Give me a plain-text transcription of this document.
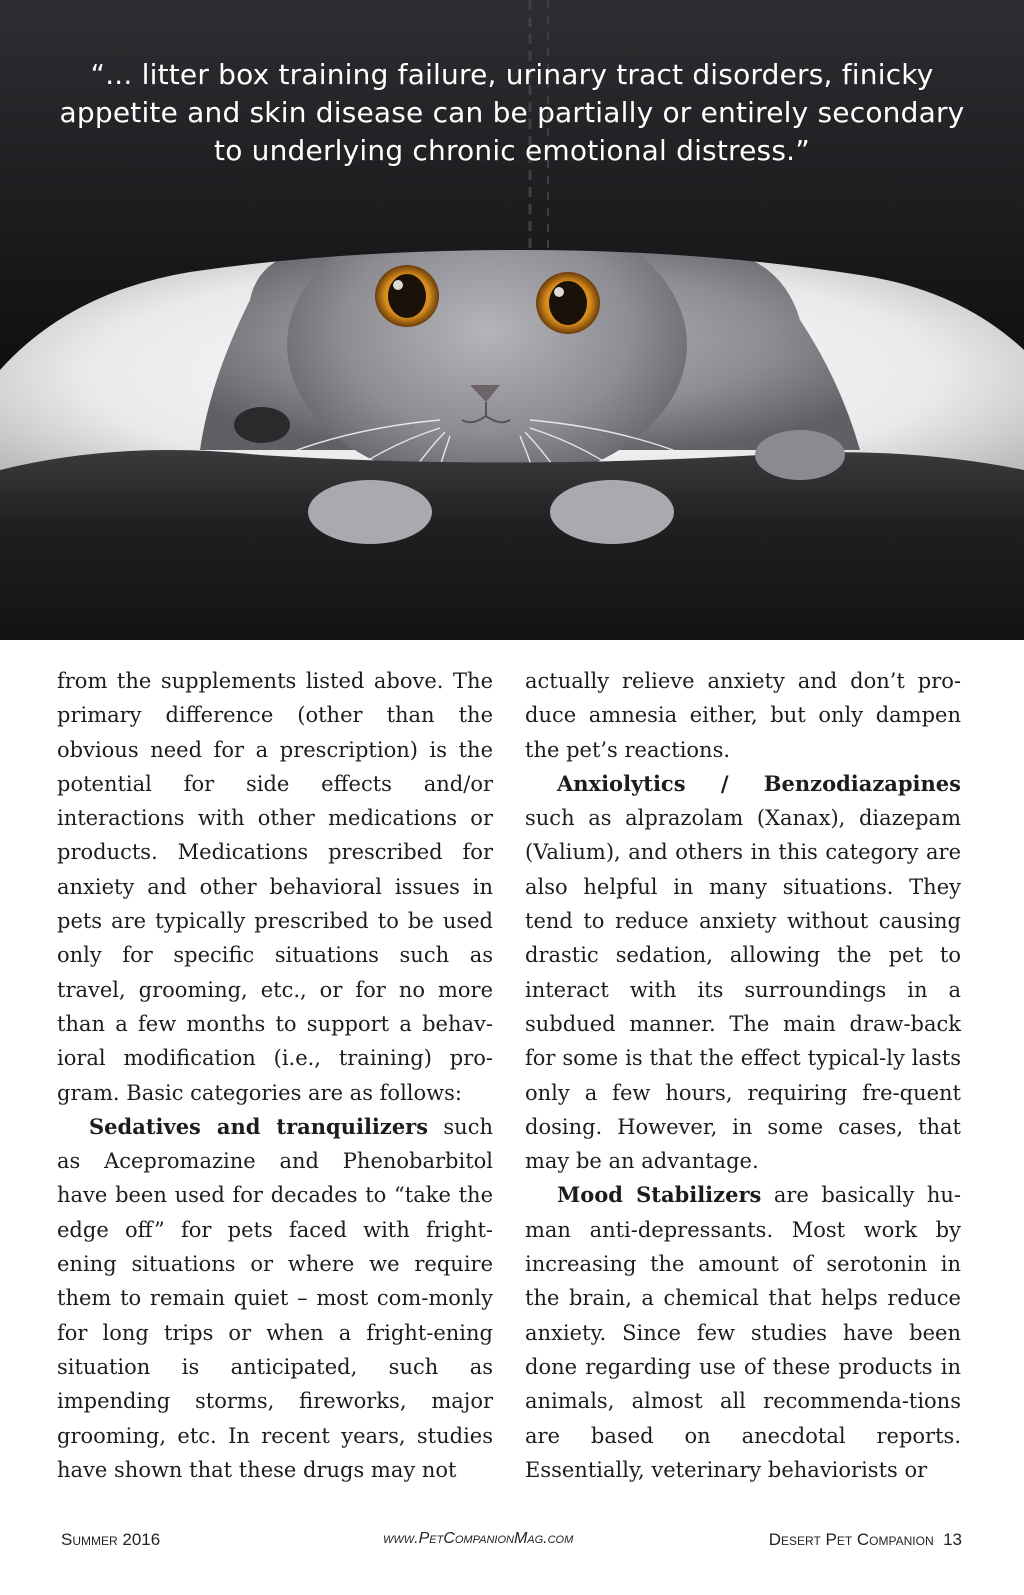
“... litter box training failure, urinary tract disorders, finicky appetite and skin disease can be partially or entirely secondary to underlying chronic emotional distress.”

from the supplements listed above. The primary difference (other than the obvious need for a prescription) is the potential for side effects and/or interactions with other medications or products. Medications prescribed for anxiety and other behavioral issues in pets are typically prescribed to be used only for specific situations such as travel, grooming, etc., or for no more than a few months to support a behav-ioral modification (i.e., training) pro-gram. Basic categories are as follows:

Sedatives and tranquilizers such as Acepromazine and Phenobarbitol have been used for decades to “take the edge off” for pets faced with fright-ening situations or where we require them to remain quiet – most com-monly for long trips or when a fright-ening situation is anticipated, such as impending storms, fireworks, major grooming, etc. In recent years, studies have shown that these drugs may not

actually relieve anxiety and don’t pro-duce amnesia either, but only dampen the pet’s reactions.

Anxiolytics / Benzodiazapines such as alprazolam (Xanax), diazepam (Valium), and others in this category are also helpful in many situations. They tend to reduce anxiety without causing drastic sedation, allowing the pet to interact with its surroundings in a subdued manner. The main draw-back for some is that the effect typical-ly lasts only a few hours, requiring fre-quent dosing. However, in some cases, that may be an advantage.

Mood Stabilizers are basically hu-man anti-depressants. Most work by increasing the amount of serotonin in the brain, a chemical that helps reduce anxiety. Since few studies have been done regarding use of these products in animals, almost all recommenda-tions are based on anecdotal reports. Essentially, veterinary behaviorists or

Summer 2016	www.PetCompanionMag.com	Desert Pet Companion 13
